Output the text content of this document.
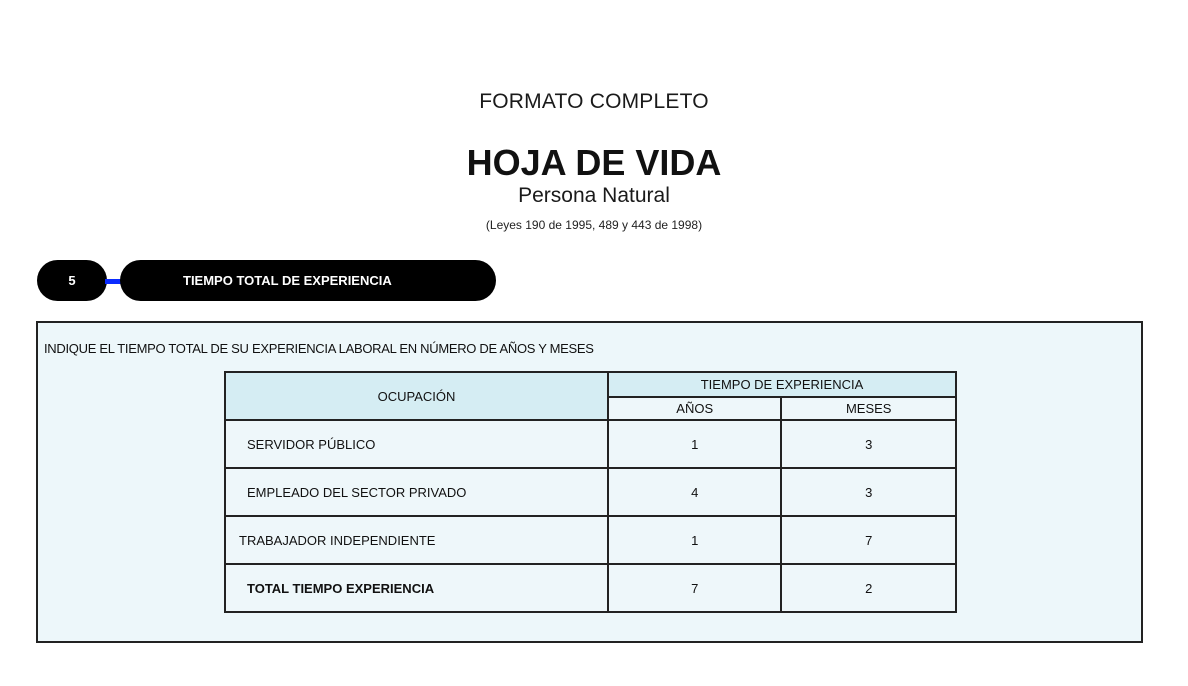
FORMATO COMPLETO
HOJA DE VIDA
Persona Natural
(Leyes 190 de 1995, 489 y 443 de 1998)
5	TIEMPO TOTAL DE EXPERIENCIA
INDIQUE EL TIEMPO TOTAL DE SU EXPERIENCIA LABORAL EN NÚMERO DE AÑOS Y MESES
OCUPACIÓN	TIEMPO DE EXPERIENCIA	
	AÑOS	MESES
SERVIDOR PÚBLICO	1	3
EMPLEADO DEL SECTOR PRIVADO	4	3
TRABAJADOR INDEPENDIENTE	1	7
TOTAL TIEMPO EXPERIENCIA	7	2
